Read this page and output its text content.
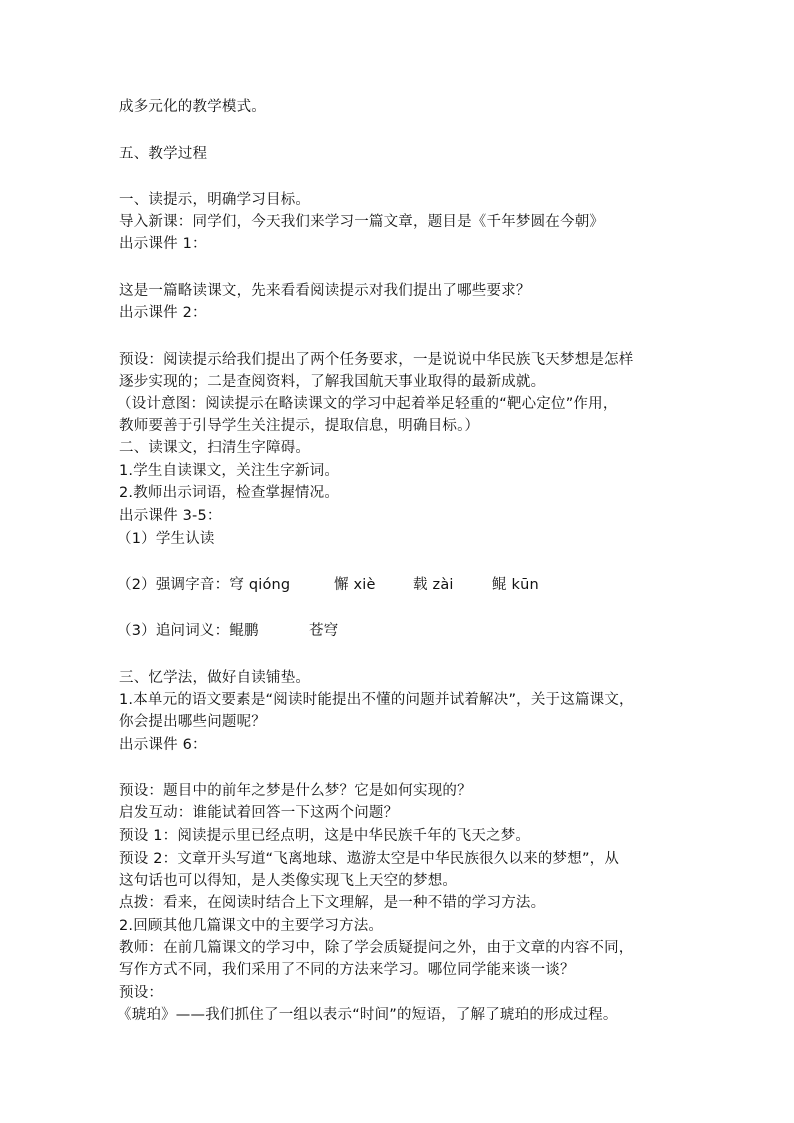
成多元化的教学模式。
五、教学过程
一、读提示，明确学习目标。
导入新课：同学们，今天我们来学习一篇文章，题目是《千年梦圆在今朝》
出示课件 1：
这是一篇略读课文，先来看看阅读提示对我们提出了哪些要求？
出示课件 2：
预设：阅读提示给我们提出了两个任务要求，一是说说中华民族飞天梦想是怎样
逐步实现的；二是查阅资料，了解我国航天事业取得的最新成就。
（设计意图：阅读提示在略读课文的学习中起着举足轻重的“靶心定位”作用，
教师要善于引导学生关注提示，提取信息，明确目标。）
二、读课文，扫清生字障碍。
1.学生自读课文，关注生字新词。
2.教师出示词语，检查掌握情况。
出示课件 3-5：
（1）学生认读
（2）强调字音：穹 qióng	懈 xiè	载 zài	鲲 kūn
（3）追问词义：鲲鹏	苍穹
三、忆学法，做好自读铺垫。
1.本单元的语文要素是“阅读时能提出不懂的问题并试着解决”，关于这篇课文，
你会提出哪些问题呢？
出示课件 6：
预设：题目中的前年之梦是什么梦？它是如何实现的？
启发互动：谁能试着回答一下这两个问题？
预设 1：阅读提示里已经点明，这是中华民族千年的飞天之梦。
预设 2：文章开头写道“飞离地球、遨游太空是中华民族很久以来的梦想”，从
这句话也可以得知，是人类像实现飞上天空的梦想。
点拨：看来，在阅读时结合上下文理解，是一种不错的学习方法。
2.回顾其他几篇课文中的主要学习方法。
教师：在前几篇课文的学习中，除了学会质疑提问之外，由于文章的内容不同，
写作方式不同，我们采用了不同的方法来学习。哪位同学能来谈一谈？
预设：
《琥珀》——我们抓住了一组以表示“时间”的短语，了解了琥珀的形成过程。
